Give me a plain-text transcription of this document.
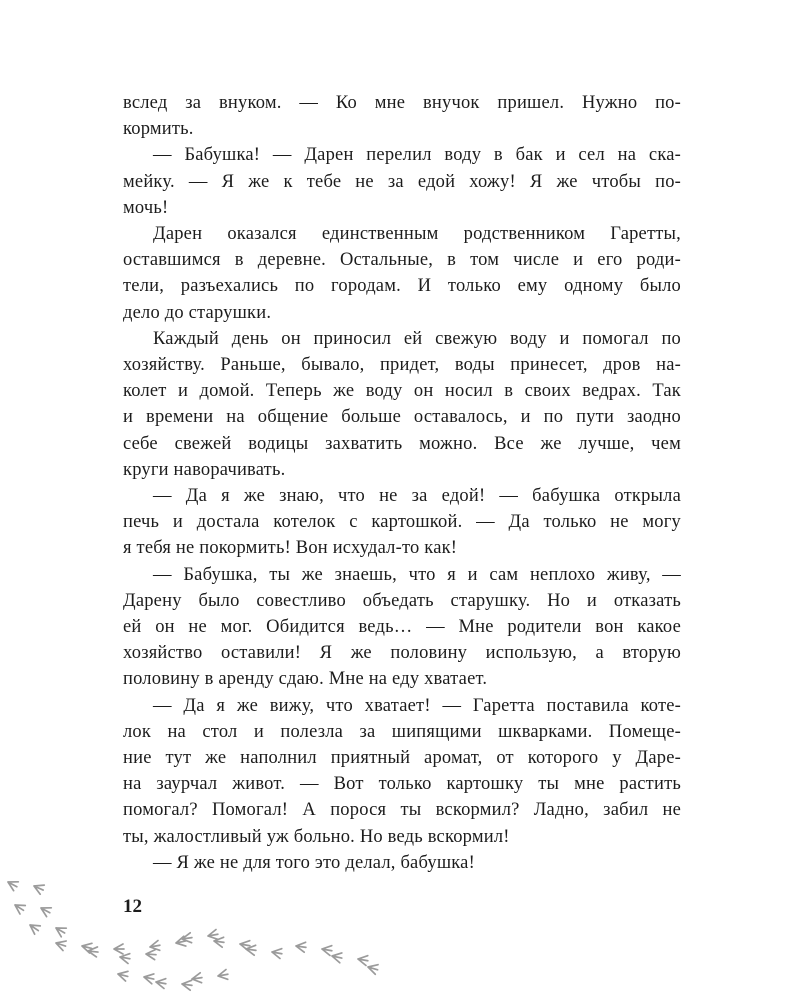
вслед за внуком. — Ко мне внучок пришел. Нужно по-
кормить.
— Бабушка! — Дарен перелил воду в бак и сел на ска-
мейку. — Я же к тебе не за едой хожу! Я же чтобы по-
мочь!
Дарен оказался единственным родственником Гаретты,
оставшимся в деревне. Остальные, в том числе и его роди-
тели, разъехались по городам. И только ему одному было
дело до старушки.
Каждый день он приносил ей свежую воду и помогал по
хозяйству. Раньше, бывало, придет, воды принесет, дров на-
колет и домой. Теперь же воду он носил в своих ведрах. Так
и времени на общение больше оставалось, и по пути заодно
себе свежей водицы захватить можно. Все же лучше, чем
круги наворачивать.
— Да я же знаю, что не за едой! — бабушка открыла
печь и достала котелок с картошкой. — Да только не могу
я тебя не покормить! Вон исхудал-то как!
— Бабушка, ты же знаешь, что я и сам неплохо живу, —
Дарену было совестливо объедать старушку. Но и отказать
ей он не мог. Обидится ведь… — Мне родители вон какое
хозяйство оставили! Я же половину использую, а вторую
половину в аренду сдаю. Мне на еду хватает.
— Да я же вижу, что хватает! — Гаретта поставила коте-
лок на стол и полезла за шипящими шкварками. Помеще-
ние тут же наполнил приятный аромат, от которого у Даре-
на заурчал живот. — Вот только картошку ты мне растить
помогал? Помогал! А порося ты вскормил? Ладно, забил не
ты, жалостливый уж больно. Но ведь вскормил!
— Я же не для того это делал, бабушка!
12
